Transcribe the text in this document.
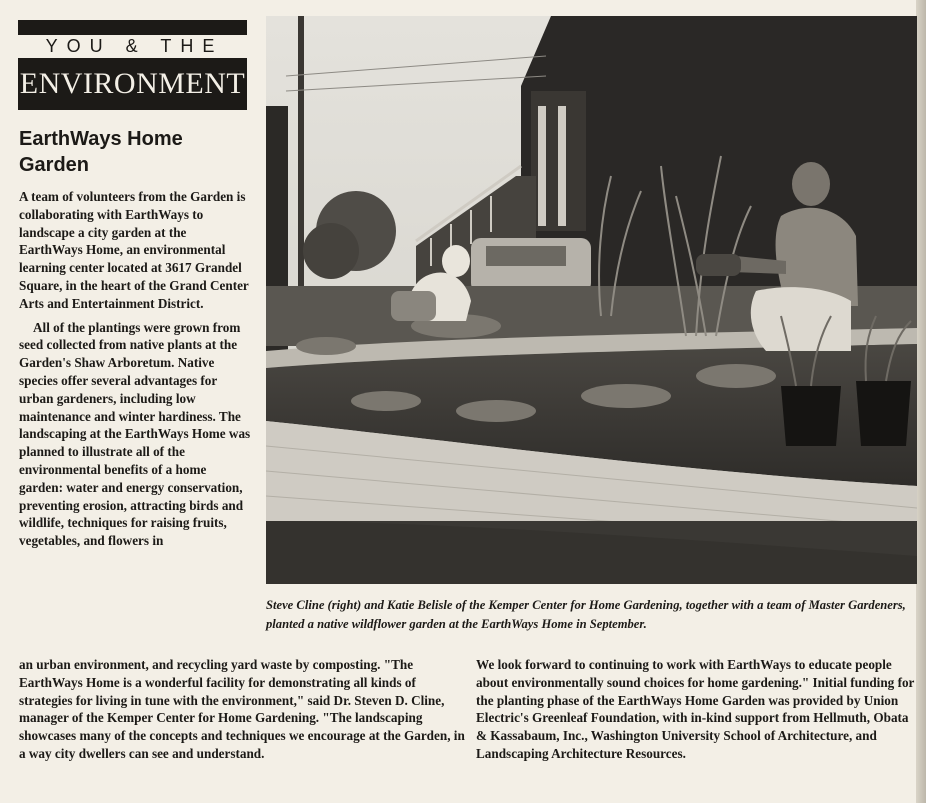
YOU & THE
ENVIRONMENT
EarthWays Home Garden

A team of volunteers from the Garden is collaborating with EarthWays to landscape a city garden at the EarthWays Home, an environmental learning center located at 3617 Grandel Square, in the heart of the Grand Center Arts and Entertainment District.

All of the plantings were grown from seed collected from native plants at the Garden's Shaw Arboretum. Native species offer several advantages for urban gardeners, including low maintenance and winter hardiness. The landscaping at the EarthWays Home was planned to illustrate all of the environmental benefits of a home garden: water and energy conservation, preventing erosion, attracting birds and wildlife, techniques for raising fruits, vegetables, and flowers in

Steve Cline (right) and Katie Belisle of the Kemper Center for Home Gardening, together with a team of Master Gardeners, planted a native wildflower garden at the EarthWays Home in September.
an urban environment, and recycling yard waste by composting. "The EarthWays Home is a wonderful facility for demonstrating all kinds of strategies for living in tune with the environment," said Dr. Steven D. Cline, manager of the Kemper Center for Home Gardening. "The landscaping showcases many of the concepts and techniques we encourage at the Garden, in a way city dwellers can see and understand.
We look forward to continuing to work with EarthWays to educate people about environmentally sound choices for home gardening." Initial funding for the planting phase of the EarthWays Home Garden was provided by Union Electric's Greenleaf Foundation, with in-kind support from Hellmuth, Obata & Kassabaum, Inc., Washington University School of Architecture, and Landscaping Architecture Resources.
